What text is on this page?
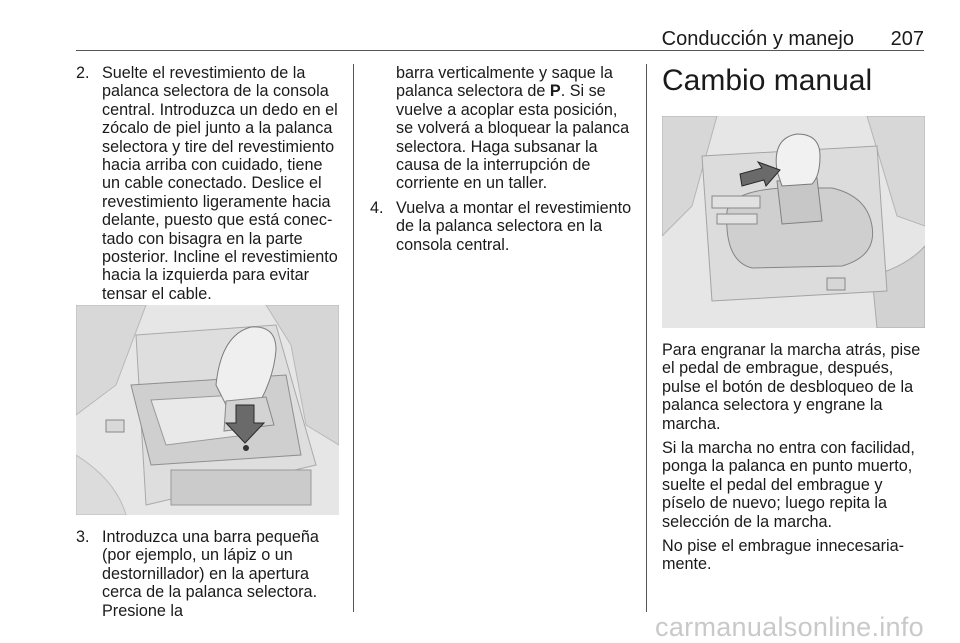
Conducción y manejo 207
2. Suelte el revestimiento de la palanca selectora de la consola central. Introduzca un dedo en el zócalo de piel junto a la palanca selectora y tire del revestimiento hacia arriba con cuidado, tiene un cable conectado. Deslice el revestimiento ligeramente hacia delante, puesto que está conectado con bisagra en la parte posterior. Incline el revestimiento hacia la izquierda para evitar tensar el cable.
3. Introduzca una barra pequeña (por ejemplo, un lápiz o un destornillador) en la apertura cerca de la palanca selectora. Presione la

barra verticalmente y saque la palanca selectora de P. Si se vuelve a acoplar esta posición, se volverá a bloquear la palanca selectora. Haga subsanar la causa de la interrupción de corriente en un taller.

4. Vuelva a montar el revestimiento de la palanca selectora en la consola central.
Cambio manual

Para engranar la marcha atrás, pise el pedal de embrague, después, pulse el botón de desbloqueo de la palanca selectora y engrane la marcha.

Si la marcha no entra con facilidad, ponga la palanca en punto muerto, suelte el pedal del embrague y píselo de nuevo; luego repita la selección de la marcha.

No pise el embrague innecesariamente.

carmanualsonline.info
